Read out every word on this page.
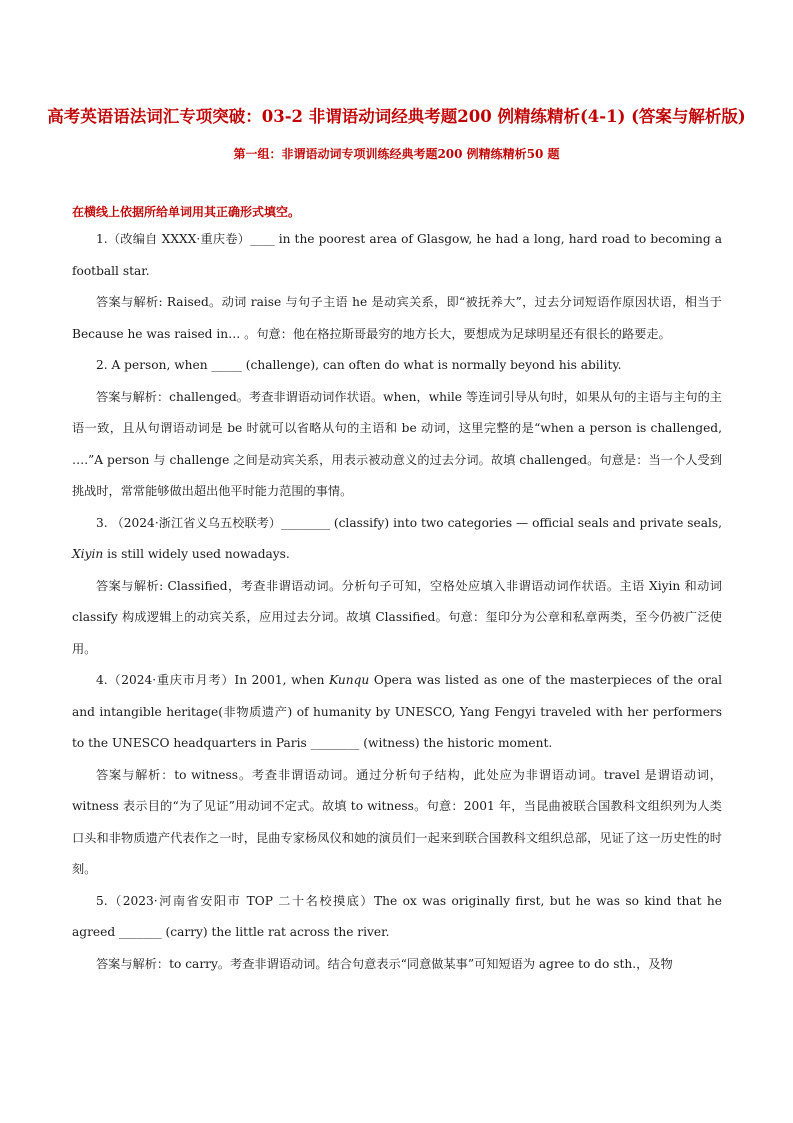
高考英语语法词汇专项突破：03-2 非谓语动词经典考题200 例精练精析(4-1) (答案与解析版)
第一组：非谓语动词专项训练经典考题200 例精练精析50 题
在横线上依据所给单词用其正确形式填空。

1.（改编自 XXXX·重庆卷）____ in the poorest area of Glasgow, he had a long, hard road to becoming a football star.

答案与解析: Raised。动词 raise 与句子主语 he 是动宾关系，即“被抚养大”，过去分词短语作原因状语，相当于 Because he was raised in… 。句意：他在格拉斯哥最穷的地方长大，要想成为足球明星还有很长的路要走。

2. A person, when _____ (challenge), can often do what is normally beyond his ability.

答案与解析：challenged。考查非谓语动词作状语。when，while 等连词引导从句时，如果从句的主语与主句的主语一致，且从句谓语动词是 be 时就可以省略从句的主语和 be 动词，这里完整的是“when a person is challenged, ….”A person 与 challenge 之间是动宾关系，用表示被动意义的过去分词。故填 challenged。句意是：当一个人受到挑战时，常常能够做出超出他平时能力范围的事情。

3. （2024·浙江省义乌五校联考）________ (classify) into two categories — official seals and private seals, Xiyin is still widely used nowadays.

答案与解析: Classified，考查非谓语动词。分析句子可知，空格处应填入非谓语动词作状语。主语 Xiyin 和动词 classify 构成逻辑上的动宾关系，应用过去分词。故填 Classified。句意：玺印分为公章和私章两类，至今仍被广泛使用。

4.（2024·重庆市月考）In 2001, when Kunqu Opera was listed as one of the masterpieces of the oral and intangible heritage(非物质遗产) of humanity by UNESCO, Yang Fengyi traveled with her performers to the UNESCO headquarters in Paris ________ (witness) the historic moment.

答案与解析：to witness。考查非谓语动词。通过分析句子结构，此处应为非谓语动词。travel 是谓语动词，witness 表示目的“为了见证”用动词不定式。故填 to witness。句意：2001 年，当昆曲被联合国教科文组织列为人类口头和非物质遗产代表作之一时，昆曲专家杨凤仪和她的演员们一起来到联合国教科文组织总部，见证了这一历史性的时刻。

5.（2023·河南省安阳市 TOP 二十名校摸底）The ox was originally first, but he was so kind that he agreed _______ (carry) the little rat across the river.

答案与解析：to carry。考查非谓语动词。结合句意表示“同意做某事”可知短语为 agree to do sth.，及物
